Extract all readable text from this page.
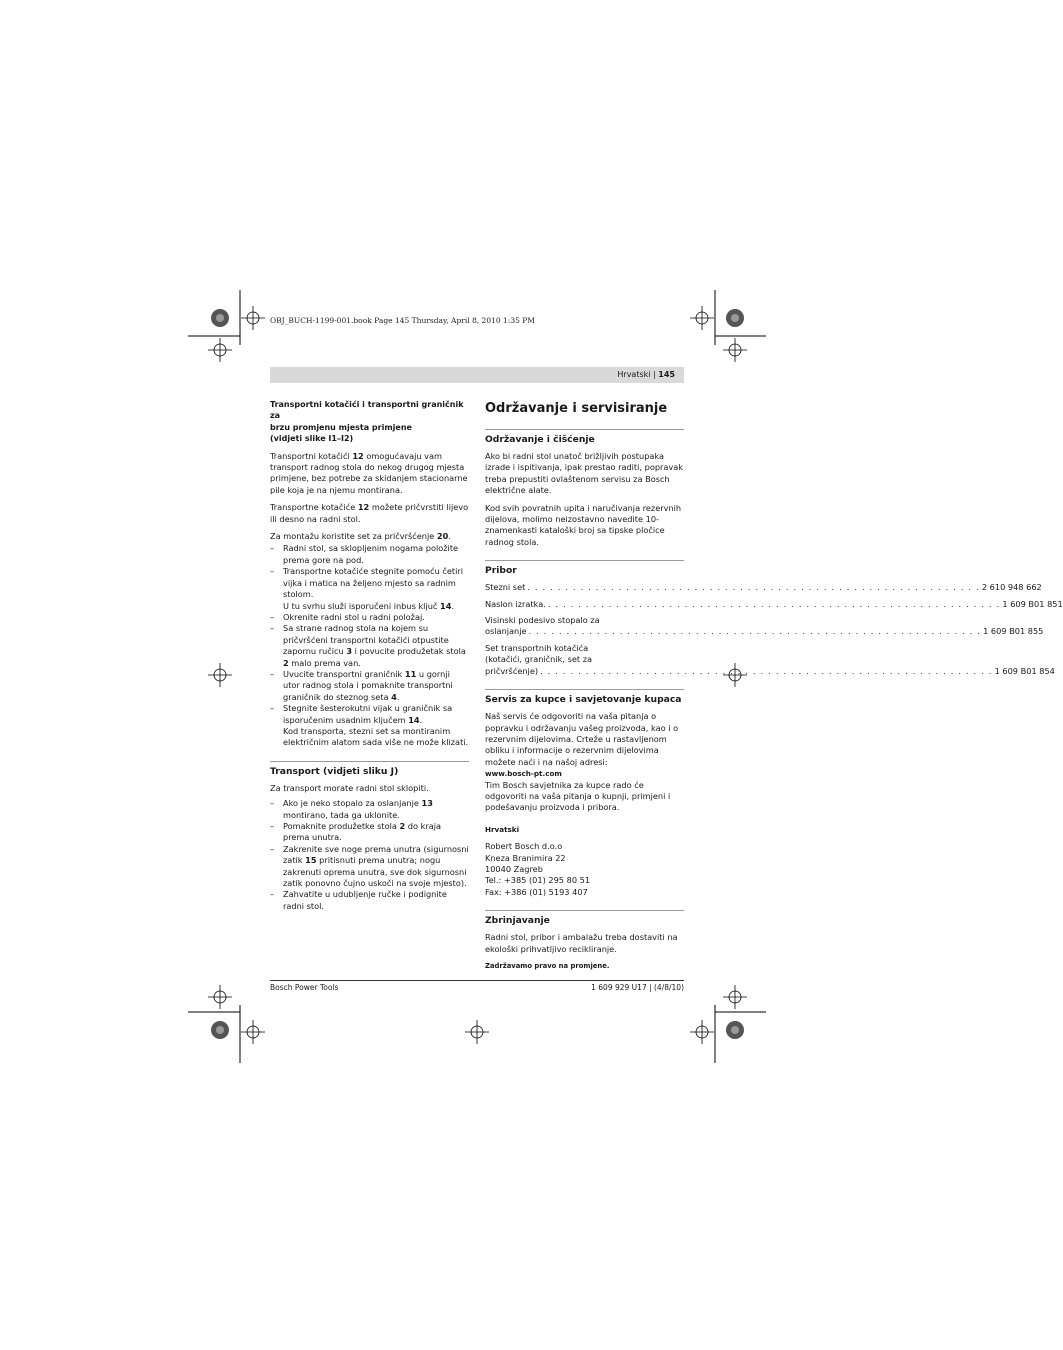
OBJ_BUCH-1199-001.book Page 145 Thursday, April 8, 2010 1:35 PM
Hrvatski | 145
Transportni kotačići i transportni graničnik za
brzu promjenu mjesta primjene
(vidjeti slike I1–I2)

Transportni kotačići 12 omogućavaju vam transport radnog stola do nekog drugog mjesta primjene, bez potrebe za skidanjem stacionarne pile koja je na njemu montirana.

Transportne kotačiće 12 možete pričvrstiti lijevo ili desno na radni stol.

Za montažu koristite set za pričvršćenje 20.

– Radni stol, sa sklopljenim nogama položite prema gore na pod.
– Transportne kotačiće stegnite pomoću četiri vijka i matica na željeno mjesto sa radnim stolom.
U tu svrhu služi isporučeni inbus ključ 14.
– Okrenite radni stol u radni položaj.
– Sa strane radnog stola na kojem su pričvršćeni transportni kotačići otpustite zapornu ručicu 3 i povucite produžetak stola 2 malo prema van.
– Uvucite transportni graničnik 11 u gornji utor radnog stola i pomaknite transportni graničnik do steznog seta 4.
– Stegnite šesterokutni vijak u graničnik sa isporučenim usadnim ključem 14.
Kod transporta, stezni set sa montiranim električnim alatom sada više ne može klizati.
Transport (vidjeti sliku J)

Za transport morate radni stol sklopiti.

– Ako je neko stopalo za oslanjanje 13 montirano, tada ga uklonite.
– Pomaknite produžetke stola 2 do kraja prema unutra.
– Zakrenite sve noge prema unutra (sigurnosni zatik 15 pritisnuti prema unutra; nogu zakrenuti oprema unutra, sve dok sigurnosni zatik ponovno čujno uskoči na svoje mjesto).
– Zahvatite u udubljenje ručke i podignite radni stol.
Održavanje i servisiranje
Održavanje i čišćenje

Ako bi radni stol unatoč brižljivih postupaka izrade i ispitivanja, ipak prestao raditi, popravak treba prepustiti ovlaštenom servisu za Bosch električne alate.

Kod svih povratnih upita i naručivanja rezervnih dijelova, molimo neizostavno navedite 10-znamenkasti kataloški broj sa tipske pločice radnog stola.

Pribor
Stezni set . . . . . . . . . . . . . . . . . . . . . . . . . . . . . . . . . . . . . . . . . . . . . . . . . . . . . . . . . . . . 2 610 948 662
Naslon izratka. . . . . . . . . . . . . . . . . . . . . . . . . . . . . . . . . . . . . . . . . . . . . . . . . . . . . . . . . . . . . 1 609 B01 851
Visinski podesivo stopalo za
oslanjanje . . . . . . . . . . . . . . . . . . . . . . . . . . . . . . . . . . . . . . . . . . . . . . . . . . . . . . . . . . . . 1 609 B01 855
Set transportnih kotačića
(kotačići, graničnik, set za
pričvršćenje) . . . . . . . . . . . . . . . . . . . . . . . . . . . . . . . . . . . . . . . . . . . . . . . . . . . . . . . . . . . . 1 609 B01 854
Servis za kupce i savjetovanje kupaca

Naš servis će odgovoriti na vaša pitanja o popravku i održavanju vašeg proizvoda, kao i o rezervnim dijelovima. Crteže u rastavljenom obliku i informacije o rezervnim dijelovima možete naći i na našoj adresi:

www.bosch-pt.com

Tim Bosch savjetnika za kupce rado će odgovoriti na vaša pitanja o kupnji, primjeni i podešavanju proizvoda i pribora.

Hrvatski

Robert Bosch d.o.o
Kneza Branimira 22
10040 Zagreb
Tel.: +385 (01) 295 80 51
Fax: +386 (01) 5193 407

Zbrinjavanje

Radni stol, pribor i ambalažu treba dostaviti na ekološki prihvatljivo recikliranje.

Zadržavamo pravo na promjene.
Bosch Power Tools	1 609 929 U17 | (4/8/10)
